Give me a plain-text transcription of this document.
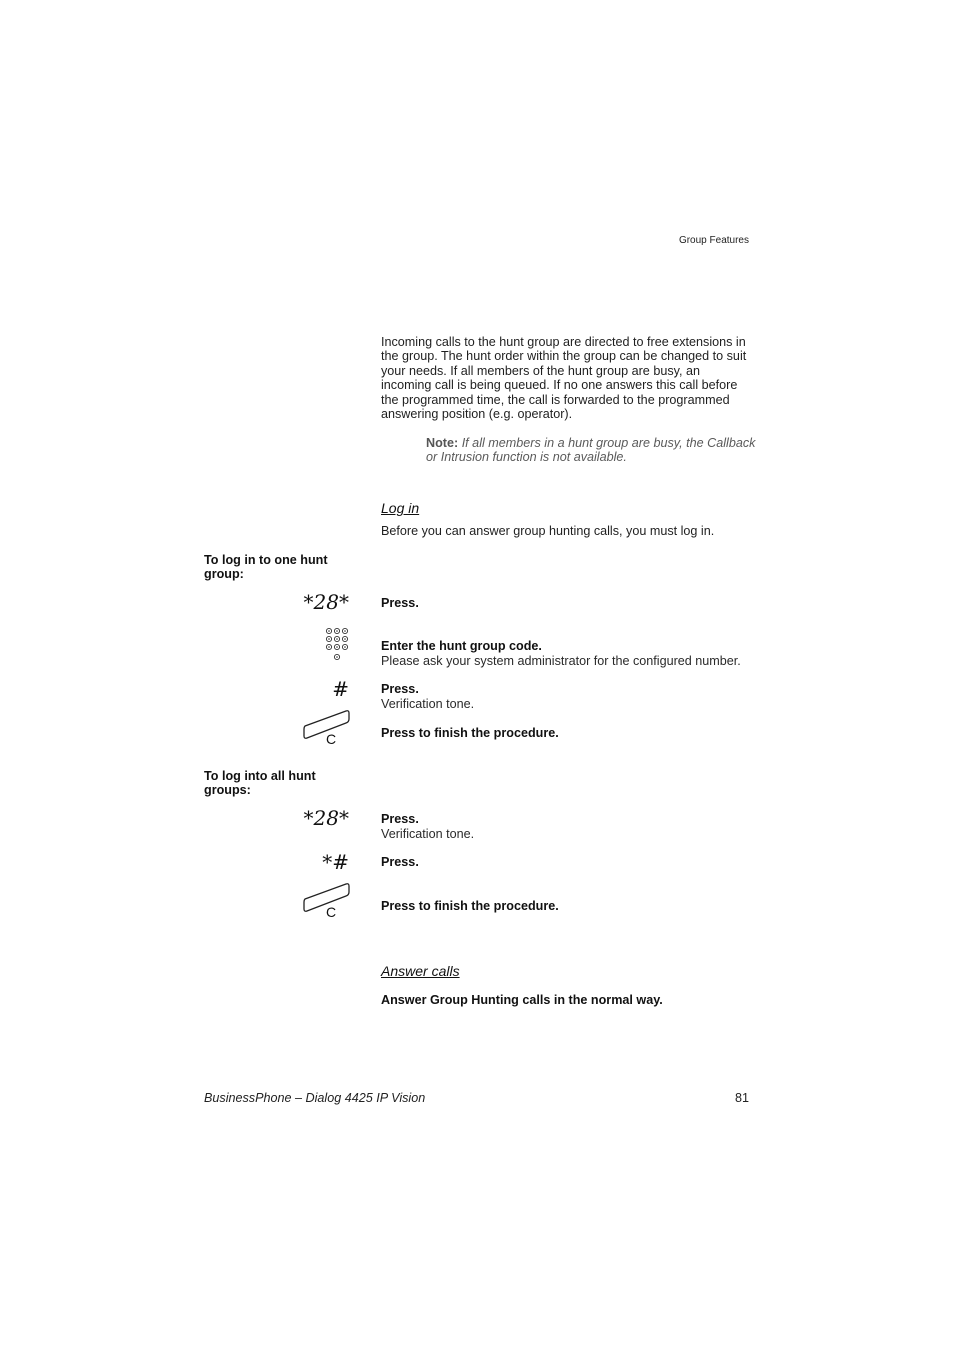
Group Features
Incoming calls to the hunt group are directed to free extensions in the group. The hunt order within the group can be changed to suit your needs. If all members of the hunt group are busy, an incoming call is being queued. If no one answers this call before the programmed time, the call is forwarded to the programmed answering position (e.g. operator).
Note: If all members in a hunt group are busy, the Callback or Intrusion function is not available.
Log in
Before you can answer group hunting calls, you must log in.
To log in to one hunt group:
*28*	Press.
Enter the hunt group code.
Please ask your system administrator for the configured number.
#	Press.
Verification tone.
C	Press to finish the procedure.
To log into all hunt groups:
*28*	Press.
Verification tone.
*#	Press.
C	Press to finish the procedure.
Answer calls
Answer Group Hunting calls in the normal way.
BusinessPhone – Dialog 4425 IP Vision	81
